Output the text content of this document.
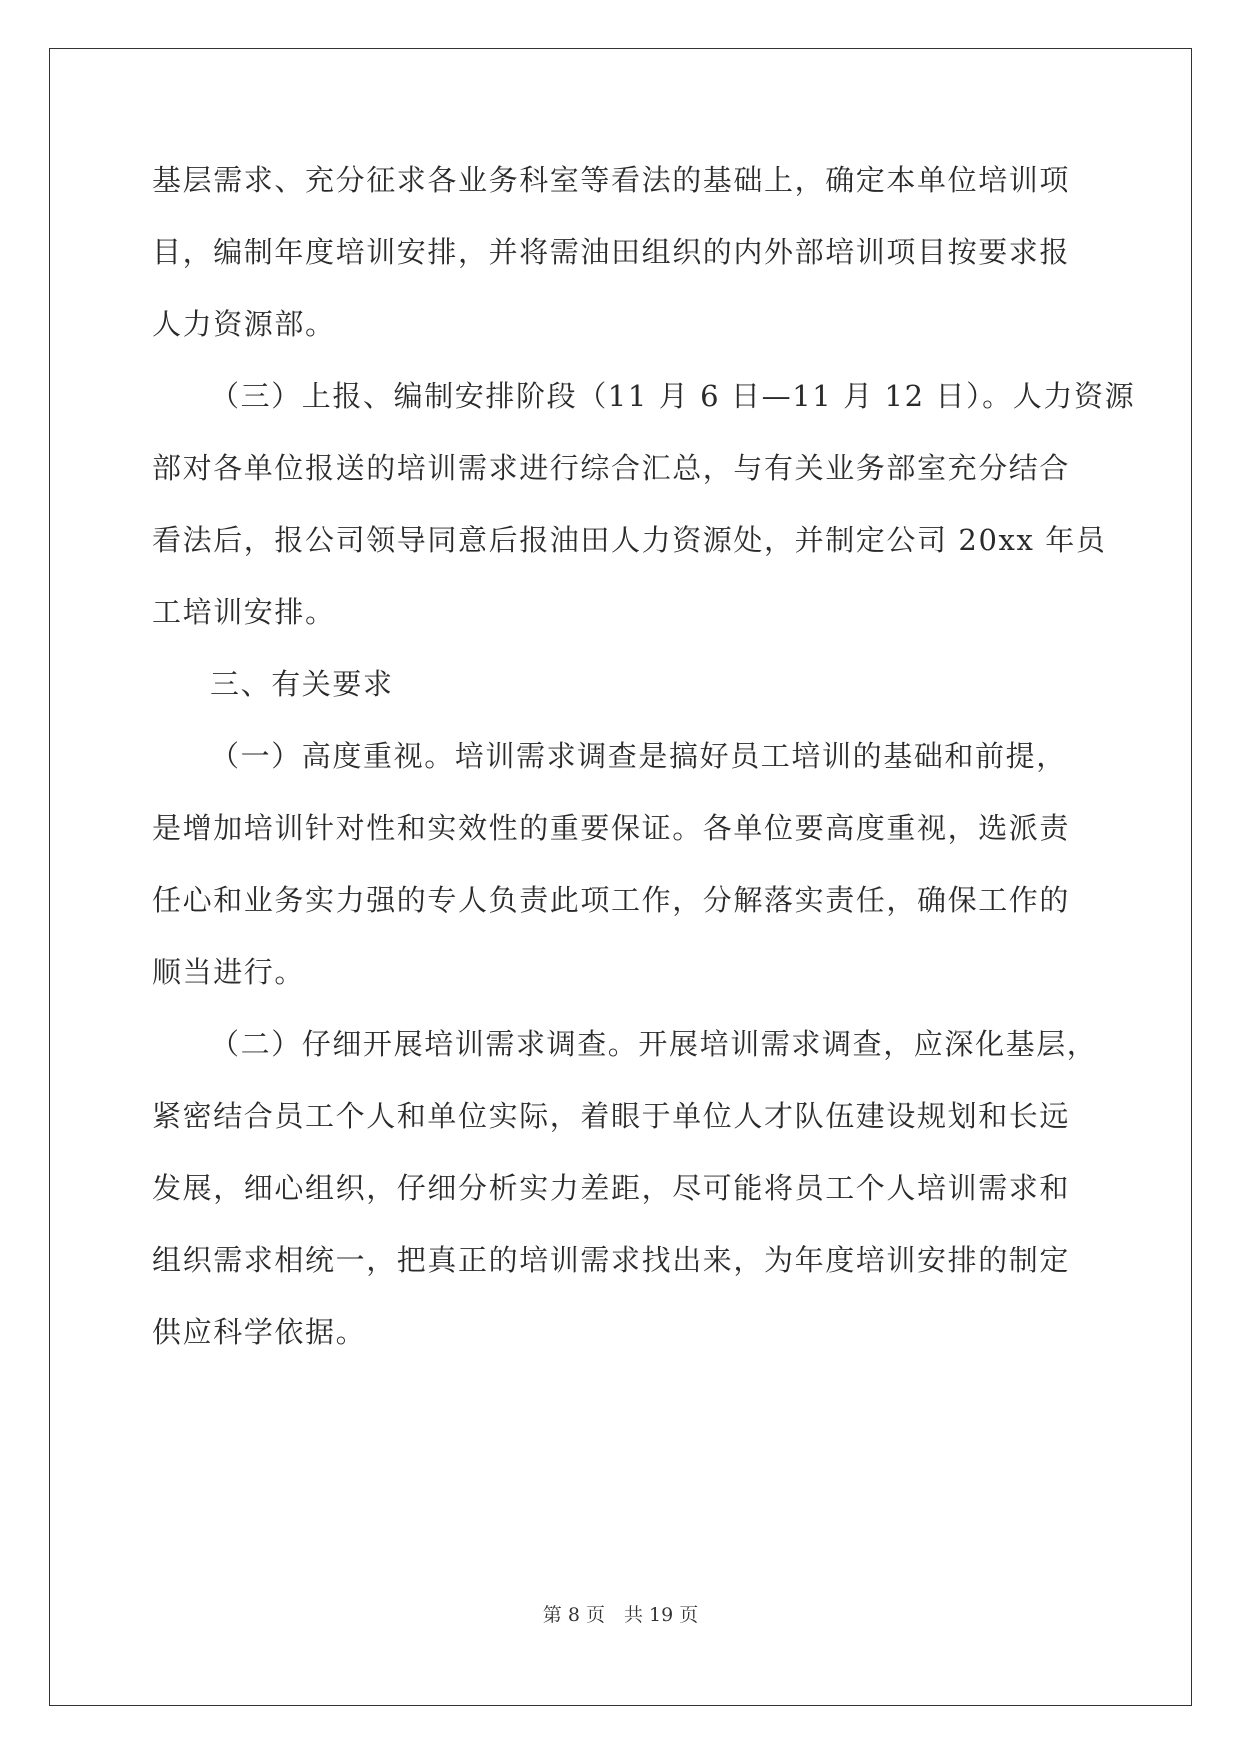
基层需求、充分征求各业务科室等看法的基础上，确定本单位培训项
目，编制年度培训安排，并将需油田组织的内外部培训项目按要求报
人力资源部。
（三）上报、编制安排阶段（11 月 6 日—11 月 12 日）。人力资源
部对各单位报送的培训需求进行综合汇总，与有关业务部室充分结合
看法后，报公司领导同意后报油田人力资源处，并制定公司 20xx 年员
工培训安排。
三、有关要求
（一）高度重视。培训需求调查是搞好员工培训的基础和前提，
是增加培训针对性和实效性的重要保证。各单位要高度重视，选派责
任心和业务实力强的专人负责此项工作，分解落实责任，确保工作的
顺当进行。
（二）仔细开展培训需求调查。开展培训需求调查，应深化基层，
紧密结合员工个人和单位实际，着眼于单位人才队伍建设规划和长远
发展，细心组织，仔细分析实力差距，尽可能将员工个人培训需求和
组织需求相统一，把真正的培训需求找出来，为年度培训安排的制定
供应科学依据。
第 8 页　共 19 页
